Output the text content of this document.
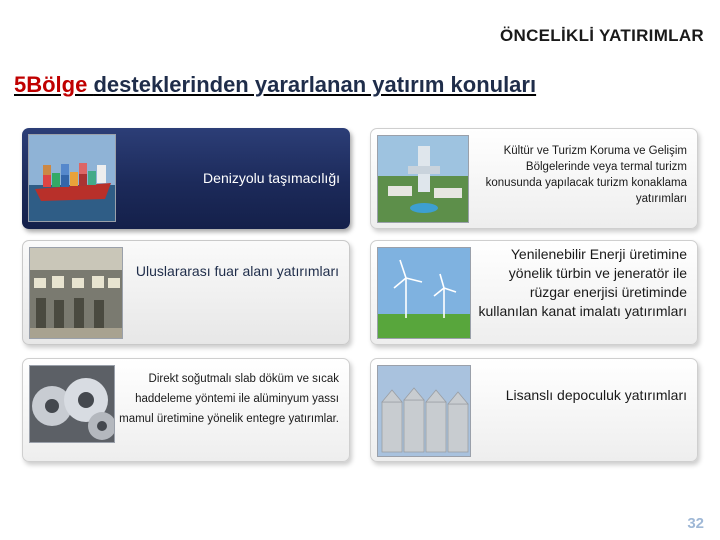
ÖNCELİKLİ YATIRIMLAR
5Bölge desteklerinden yararlanan yatırım konuları
Denizyolu taşımacılığı
Uluslararası fuar alanı yatırımları
Direkt soğutmalı slab döküm ve sıcak haddeleme yöntemi ile alüminyum yassı mamul üretimine yönelik entegre yatırımlar.
Kültür ve Turizm Koruma ve Gelişim Bölgelerinde veya termal turizm konusunda yapılacak turizm konaklama yatırımları
Yenilenebilir Enerji üretimine yönelik türbin ve jeneratör ile rüzgar enerjisi üretiminde kullanılan kanat imalatı yatırımları
Lisanslı depoculuk yatırımları
32
